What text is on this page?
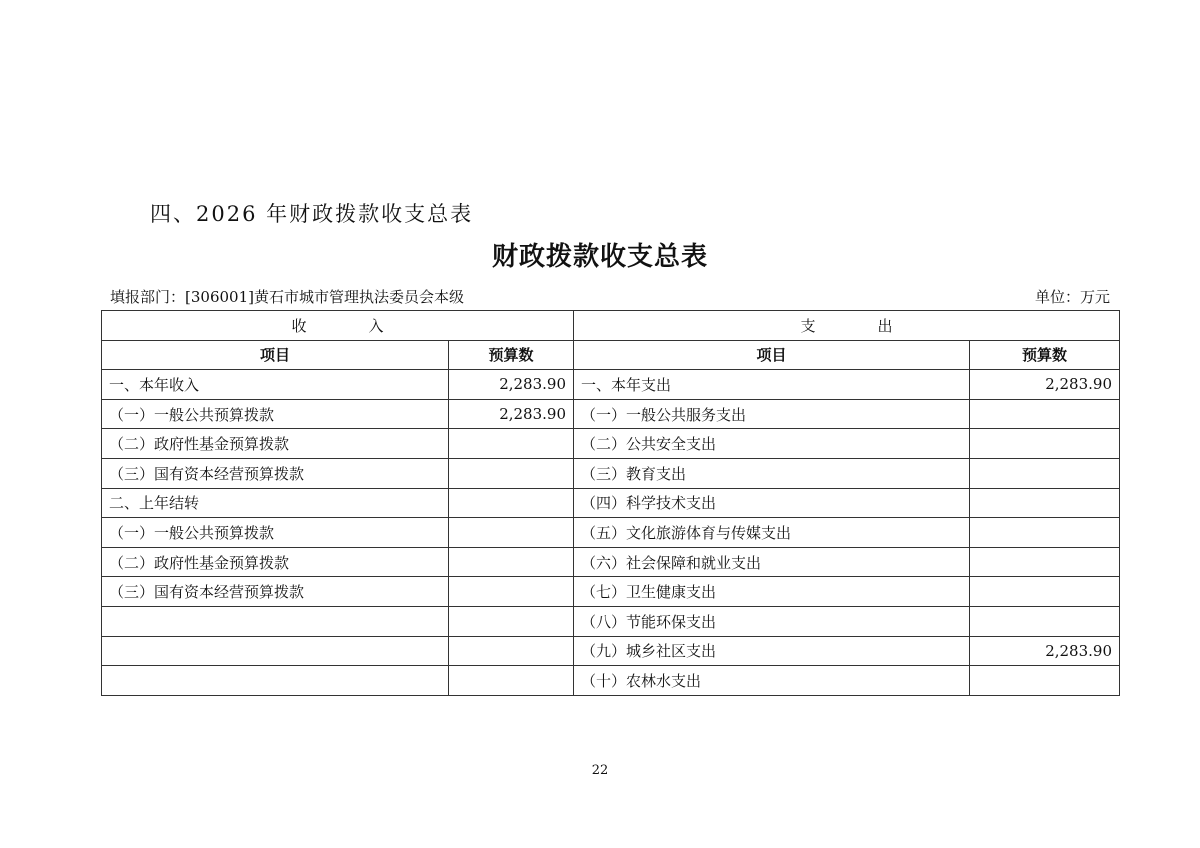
四、2026 年财政拨款收支总表
财政拨款收支总表
填报部门：[306001]黄石市城市管理执法委员会本级	单位：万元
收 入		支 出	
项目	预算数	项目	预算数
一、本年收入	2,283.90	一、本年支出	2,283.90
（一）一般公共预算拨款	2,283.90	（一）一般公共服务支出	
（二）政府性基金预算拨款		（二）公共安全支出	
（三）国有资本经营预算拨款		（三）教育支出	
二、上年结转		（四）科学技术支出	
（一）一般公共预算拨款		（五）文化旅游体育与传媒支出	
（二）政府性基金预算拨款		（六）社会保障和就业支出	
（三）国有资本经营预算拨款		（七）卫生健康支出	
		（八）节能环保支出	
		（九）城乡社区支出	2,283.90
		（十）农林水支出	
22
